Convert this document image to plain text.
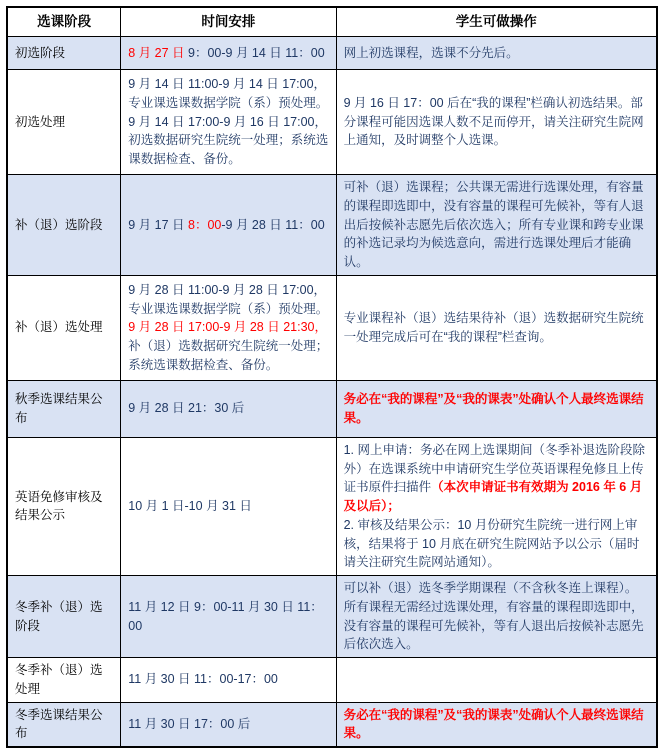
选课阶段	时间安排	学生可做操作
初选阶段	8 月 27 日 9：00-9 月 14 日 11：00	网上初选课程，选课不分先后。
初选处理	9 月 14 日 11:00-9 月 14 日 17:00，专业课选课数据学院（系）预处理。9 月 14 日 17:00-9 月 16 日 17:00，初选数据研究生院统一处理；系统选课数据检查、备份。	9 月 16 日 17：00 后在“我的课程”栏确认初选结果。部分课程可能因选课人数不足而停开，请关注研究生院网上通知，及时调整个人选课。
补（退）选阶段	9 月 17 日 8：00-9 月 28 日 11：00	可补（退）选课程；公共课无需进行选课处理，有容量的课程即选即中，没有容量的课程可先候补，等有人退出后按候补志愿先后依次选入；所有专业课和跨专业课的补选记录均为候选意向，需进行选课处理后才能确认。
补（退）选处理	9 月 28 日 11:00-9 月 28 日 17:00，专业课选课数据学院（系）预处理。9 月 28 日 17:00-9 月 28 日 21:30，补（退）选数据研究生院统一处理；系统选课数据检查、备份。	专业课程补（退）选结果待补（退）选数据研究生院统一处理完成后可在“我的课程”栏查询。
秋季选课结果公布	9 月 28 日 21：30 后	务必在“我的课程”及“我的课表”处确认个人最终选课结果。
英语免修审核及结果公示	10 月 1 日-10 月 31 日	1. 网上申请：务必在网上选课期间（冬季补退选阶段除外）在选课系统中申请研究生学位英语课程免修且上传证书原件扫描件（本次申请证书有效期为 2016 年 6 月及以后）；

2. 审核及结果公示：10 月份研究生院统一进行网上审核，结果将于 10 月底在研究生院网站予以公示（届时请关注研究生院网站通知）。

冬季补（退）选阶段	11 月 12 日 9：00-11 月 30 日 11：00	可以补（退）选冬季学期课程（不含秋冬连上课程）。所有课程无需经过选课处理，有容量的课程即选即中，没有容量的课程可先候补，等有人退出后按候补志愿先后依次选入。
冬季补（退）选处理	11 月 30 日 11：00-17：00	
冬季选课结果公布	11 月 30 日 17：00 后	务必在“我的课程”及“我的课表”处确认个人最终选课结果。
